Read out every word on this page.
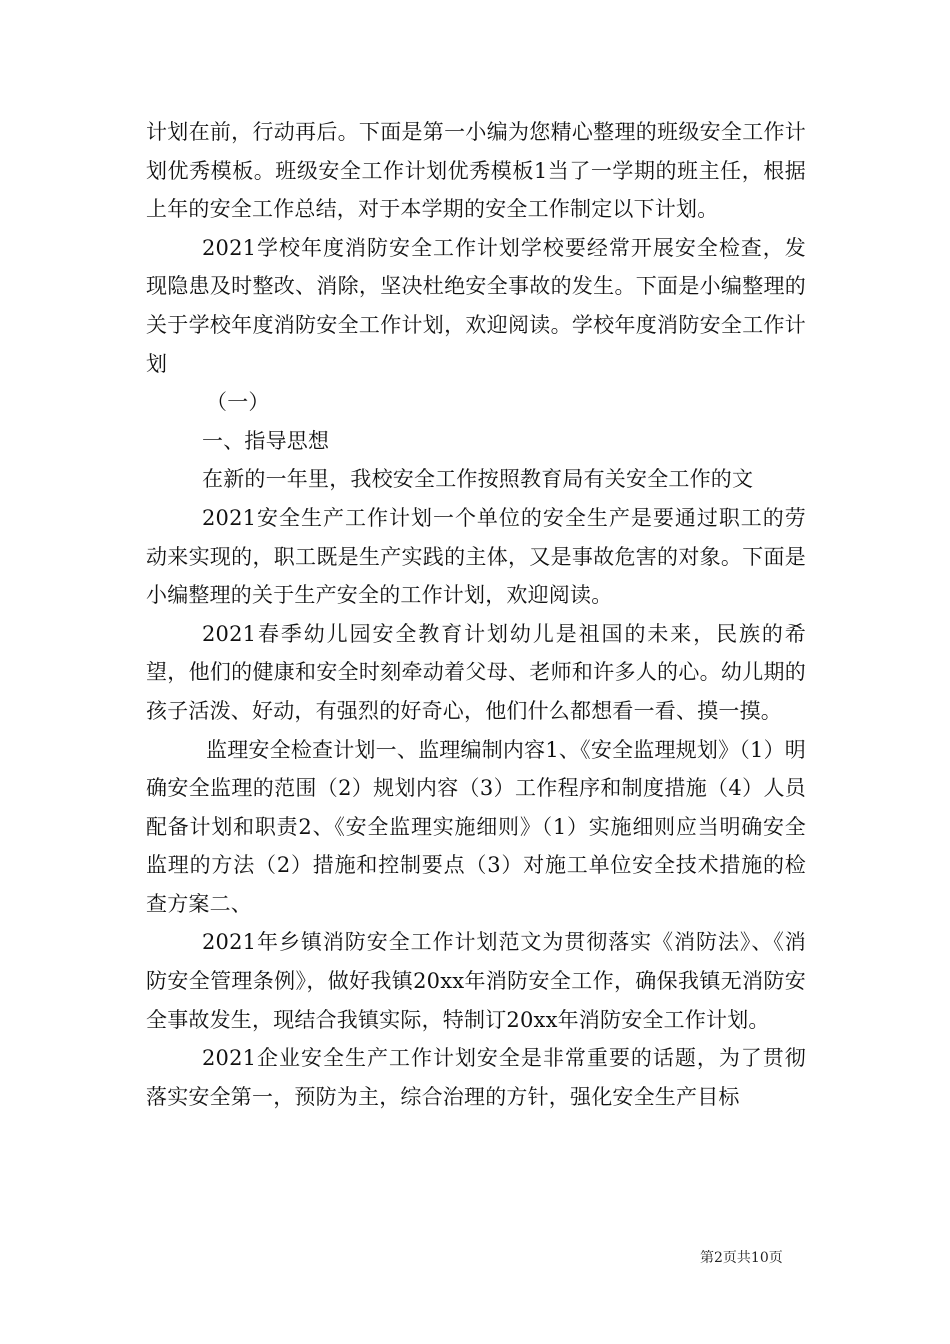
计划在前，行动再后。下面是第一小编为您精心整理的班级安全工作计划优秀模板。班级安全工作计划优秀模板1当了一学期的班主任，根据上年的安全工作总结，对于本学期的安全工作制定以下计划。

2021学校年度消防安全工作计划学校要经常开展安全检查，发现隐患及时整改、消除，坚决杜绝安全事故的发生。下面是小编整理的关于学校年度消防安全工作计划，欢迎阅读。学校年度消防安全工作计划

（一）

一、指导思想

在新的一年里，我校安全工作按照教育局有关安全工作的文

2021安全生产工作计划一个单位的安全生产是要通过职工的劳动来实现的，职工既是生产实践的主体，又是事故危害的对象。下面是小编整理的关于生产安全的工作计划，欢迎阅读。

2021春季幼儿园安全教育计划幼儿是祖国的未来，民族的希望，他们的健康和安全时刻牵动着父母、老师和许多人的心。幼儿期的孩子活泼、好动，有强烈的好奇心，他们什么都想看一看、摸一摸。

监理安全检查计划一、监理编制内容1、《安全监理规划》（1）明确安全监理的范围（2）规划内容（3）工作程序和制度措施（4）人员配备计划和职责2、《安全监理实施细则》（1）实施细则应当明确安全监理的方法（2）措施和控制要点（3）对施工单位安全技术措施的检查方案二、

2021年乡镇消防安全工作计划范文为贯彻落实《消防法》、《消防安全管理条例》，做好我镇20xx年消防安全工作，确保我镇无消防安全事故发生，现结合我镇实际，特制订20xx年消防安全工作计划。

2021企业安全生产工作计划安全是非常重要的话题，为了贯彻落实安全第一，预防为主，综合治理的方针，强化安全生产目标

第2页共10页
